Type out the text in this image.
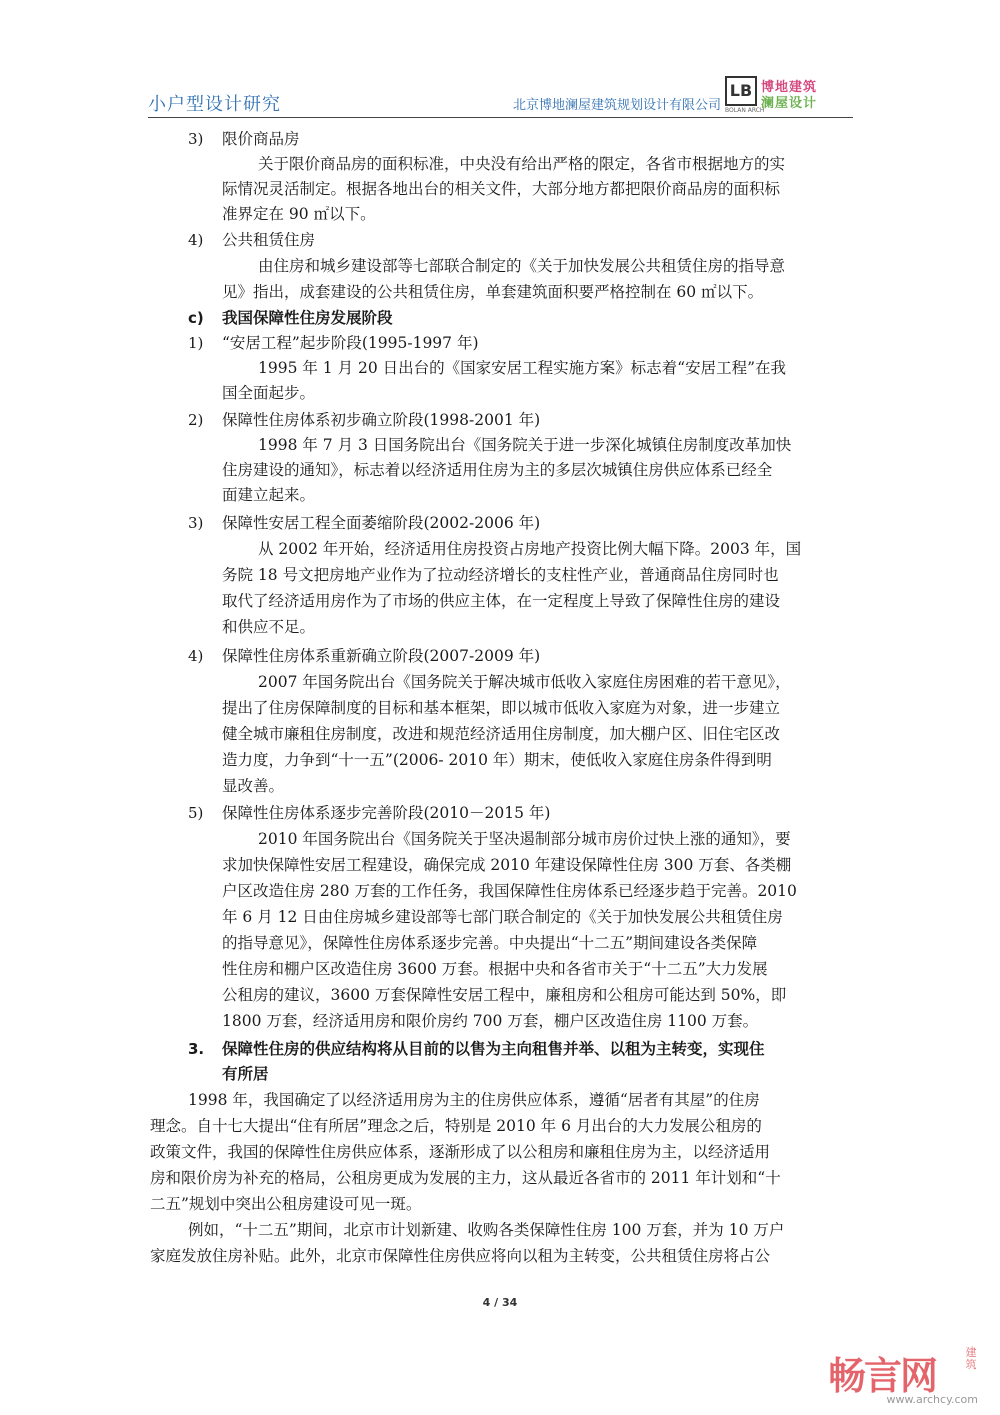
小户型设计研究	北京博地澜屋建筑规划设计有限公司
LB 博地建筑
澜屋设计
BOLAN ARCH
3) 限价商品房
关于限价商品房的面积标准，中央没有给出严格的限定，各省市根据地方的实
际情况灵活制定。根据各地出台的相关文件，大部分地方都把限价商品房的面积标
准界定在 90 ㎡以下。
4) 公共租赁住房
由住房和城乡建设部等七部联合制定的《关于加快发展公共租赁住房的指导意
见》指出，成套建设的公共租赁住房，单套建筑面积要严格控制在 60 ㎡以下。
c) 我国保障性住房发展阶段
1) “安居工程”起步阶段(1995-1997 年)
1995 年 1 月 20 日出台的《国家安居工程实施方案》标志着“安居工程”在我
国全面起步。
2) 保障性住房体系初步确立阶段(1998-2001 年)
1998 年 7 月 3 日国务院出台《国务院关于进一步深化城镇住房制度改革加快
住房建设的通知》，标志着以经济适用住房为主的多层次城镇住房供应体系已经全
面建立起来。
3) 保障性安居工程全面萎缩阶段(2002-2006 年)
从 2002 年开始，经济适用住房投资占房地产投资比例大幅下降。2003 年，国
务院 18 号文把房地产业作为了拉动经济增长的支柱性产业，普通商品住房同时也
取代了经济适用房作为了市场的供应主体，在一定程度上导致了保障性住房的建设
和供应不足。
4) 保障性住房体系重新确立阶段(2007-2009 年)
2007 年国务院出台《国务院关于解决城市低收入家庭住房困难的若干意见》，
提出了住房保障制度的目标和基本框架，即以城市低收入家庭为对象，进一步建立
健全城市廉租住房制度，改进和规范经济适用住房制度，加大棚户区、旧住宅区改
造力度，力争到“十一五”(2006- 2010 年）期末，使低收入家庭住房条件得到明
显改善。
5) 保障性住房体系逐步完善阶段(2010－2015 年)
2010 年国务院出台《国务院关于坚决遏制部分城市房价过快上涨的通知》，要
求加快保障性安居工程建设，确保完成 2010 年建设保障性住房 300 万套、各类棚
户区改造住房 280 万套的工作任务，我国保障性住房体系已经逐步趋于完善。2010
年 6 月 12 日由住房城乡建设部等七部门联合制定的《关于加快发展公共租赁住房
的指导意见》，保障性住房体系逐步完善。中央提出“十二五”期间建设各类保障
性住房和棚户区改造住房 3600 万套。根据中央和各省市关于“十二五”大力发展
公租房的建议，3600 万套保障性安居工程中，廉租房和公租房可能达到 50%，即
1800 万套，经济适用房和限价房约 700 万套，棚户区改造住房 1100 万套。
3. 保障性住房的供应结构将从目前的以售为主向租售并举、以租为主转变，实现住
有所居
1998 年，我国确定了以经济适用房为主的住房供应体系，遵循“居者有其屋”的住房
理念。自十七大提出“住有所居”理念之后，特别是 2010 年 6 月出台的大力发展公租房的
政策文件，我国的保障性住房供应体系，逐渐形成了以公租房和廉租住房为主，以经济适用
房和限价房为补充的格局，公租房更成为发展的主力，这从最近各省市的 2011 年计划和“十
二五”规划中突出公租房建设可见一斑。
例如，“十二五”期间，北京市计划新建、收购各类保障性住房 100 万套，并为 10 万户
家庭发放住房补贴。此外，北京市保障性住房供应将向以租为主转变，公共租赁住房将占公
4 / 34
畅言网
建筑
www.archcy.com
